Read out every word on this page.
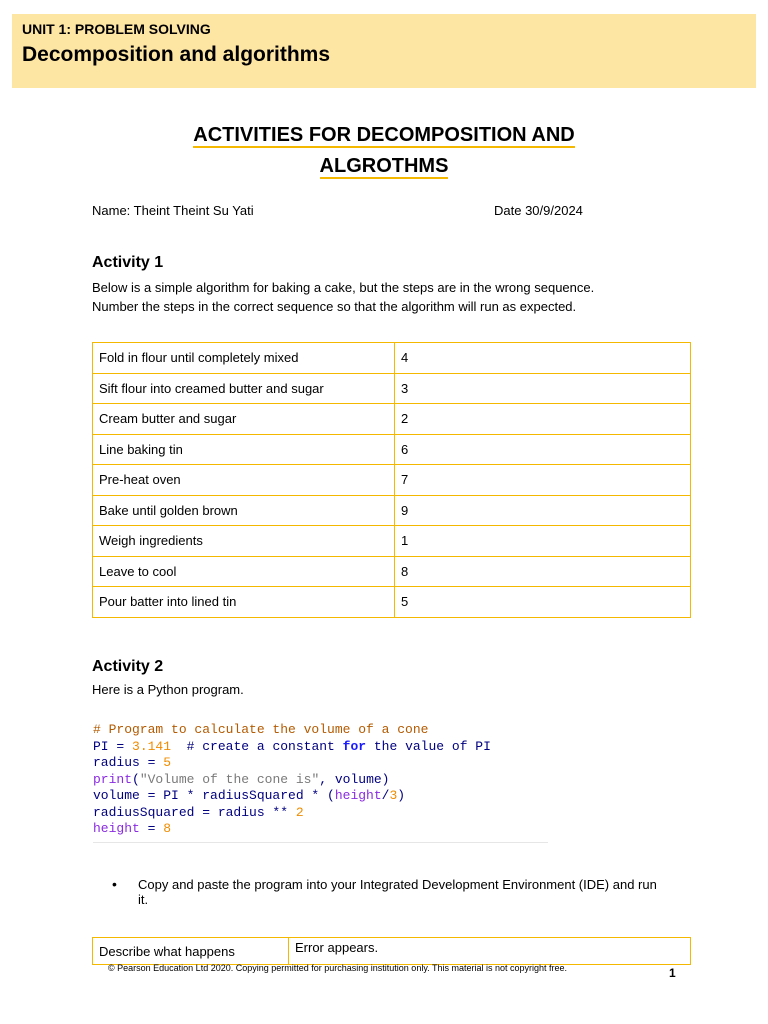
UNIT 1: PROBLEM SOLVING
Decomposition and algorithms
ACTIVITIES FOR DECOMPOSITION AND
ALGROTHMS
Name: Theint Theint Su Yati	Date 30/9/2024
Activity 1
Below is a simple algorithm for baking a cake, but the steps are in the wrong sequence.
Number the steps in the correct sequence so that the algorithm will run as expected.
Fold in flour until completely mixed	4
Sift flour into creamed butter and sugar	3
Cream butter and sugar	2
Line baking tin	6
Pre-heat oven	7
Bake until golden brown	9
Weigh ingredients	1
Leave to cool	8
Pour batter into lined tin	5
Activity 2
Here is a Python program.
# Program to calculate the volume of a cone
PI = 3.141  # create a constant for the value of PI
radius = 5
print("Volume of the cone is", volume)
volume = PI * radiusSquared * (height/3)
radiusSquared = radius ** 2
height = 8
• Copy and paste the program into your Integrated Development Environment (IDE) and run it.
Describe what happens	Error appears.
© Pearson Education Ltd 2020. Copying permitted for purchasing institution only. This material is not copyright free.	1
